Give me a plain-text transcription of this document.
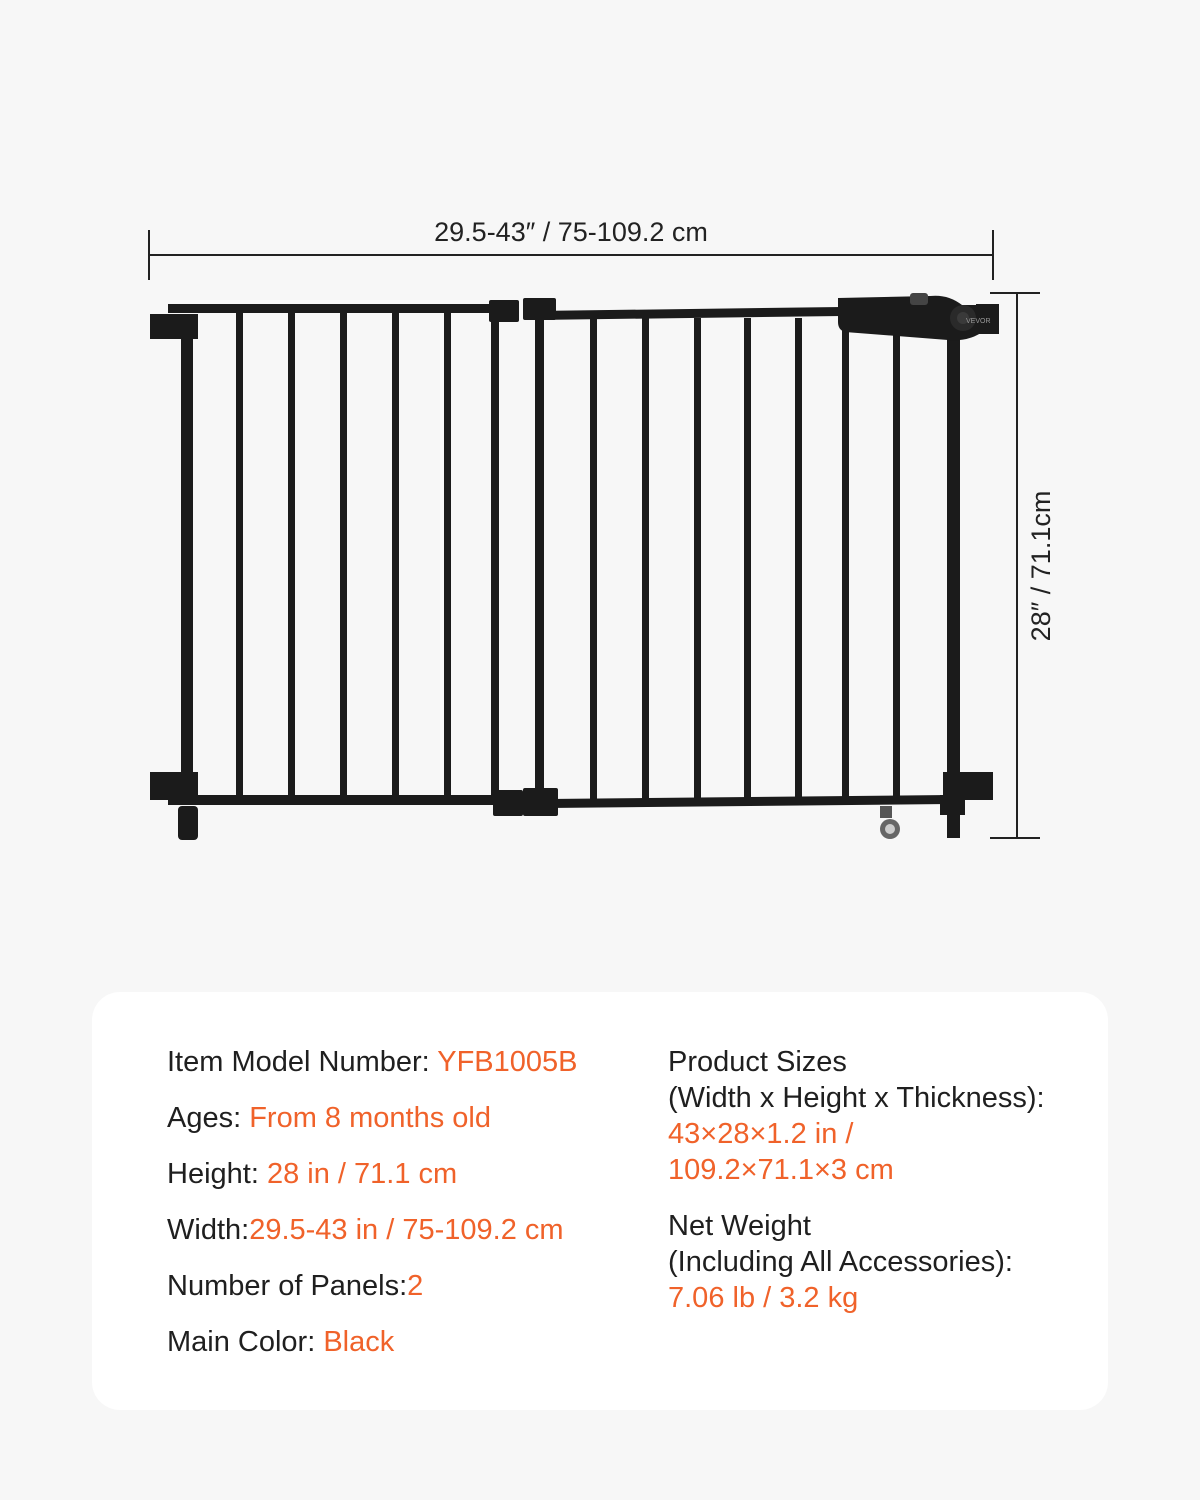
29.5-43″ / 75-109.2 cm
28″ / 71.1cm
VEVOR
Item Model Number: YFB1005B
Ages: From 8 months old
Height: 28 in / 71.1 cm
Width:29.5-43 in / 75-109.2 cm
Number of Panels:2
Main Color: Black
Product Sizes
(Width x Height x Thickness):
43×28×1.2 in /
109.2×71.1×3 cm
Net Weight
(Including All Accessories):
7.06 lb / 3.2 kg
